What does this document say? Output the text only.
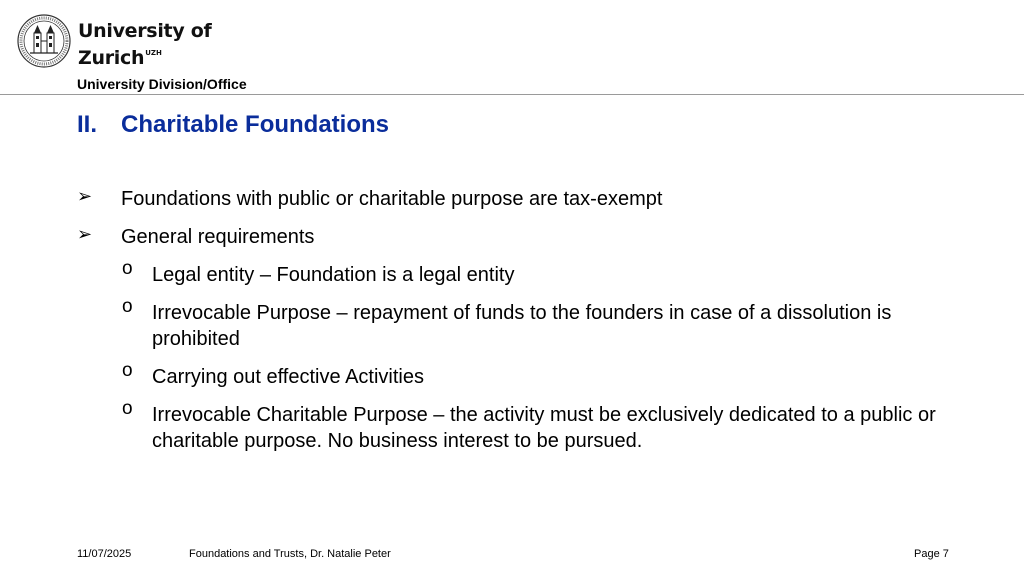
University of
Zurich$^{UZH}$
University Division/Office
II. Charitable Foundations
➢ Foundations with public or charitable purpose are tax-exempt
➢ General requirements
o Legal entity – Foundation is a legal entity
o Irrevocable Purpose – repayment of funds to the founders in case of a dissolution is prohibited
o Carrying out effective Activities
o Irrevocable Charitable Purpose – the activity must be exclusively dedicated to a public or charitable purpose. No business interest to be pursued.
11/07/2025	Foundations and Trusts, Dr. Natalie Peter	Page 7
